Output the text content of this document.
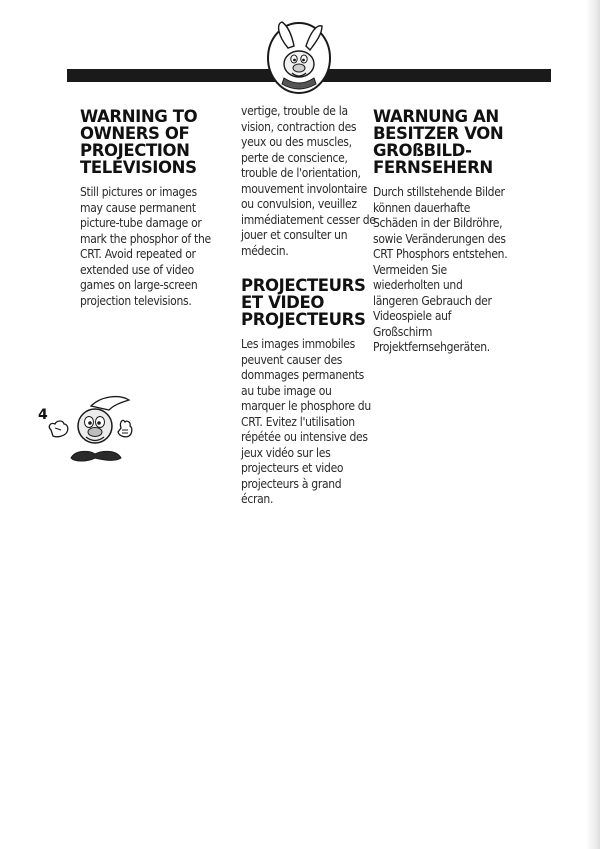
WARNING TO
OWNERS OF
PROJECTION
TELEVISIONS

Still pictures or images
may cause permanent
picture-tube damage or
mark the phosphor of the
CRT. Avoid repeated or
extended use of video
games on large-screen
projection televisions.

vertige, trouble de la
vision, contraction des
yeux ou des muscles,
perte de conscience,
trouble de l'orientation,
mouvement involontaire
ou convulsion, veuillez
immédiatement cesser de
jouer et consulter un
médecin.

PROJECTEURS
ET VIDEO
PROJECTEURS

Les images immobiles
peuvent causer des
dommages permanents
au tube image ou
marquer le phosphore du
CRT. Evitez l'utilisation
répétée ou intensive des
jeux vidéo sur les
projecteurs et video
projecteurs à grand
écran.

WARNUNG AN
BESITZER VON
GROßBILD-
FERNSEHERN

Durch stillstehende Bilder
können dauerhafte
Schäden in der Bildröhre,
sowie Veränderungen des
CRT Phosphors entstehen.
Vermeiden Sie
wiederholten und
längeren Gebrauch der
Videospiele auf
Großschirm
Projektfernsehgeräten.

4
